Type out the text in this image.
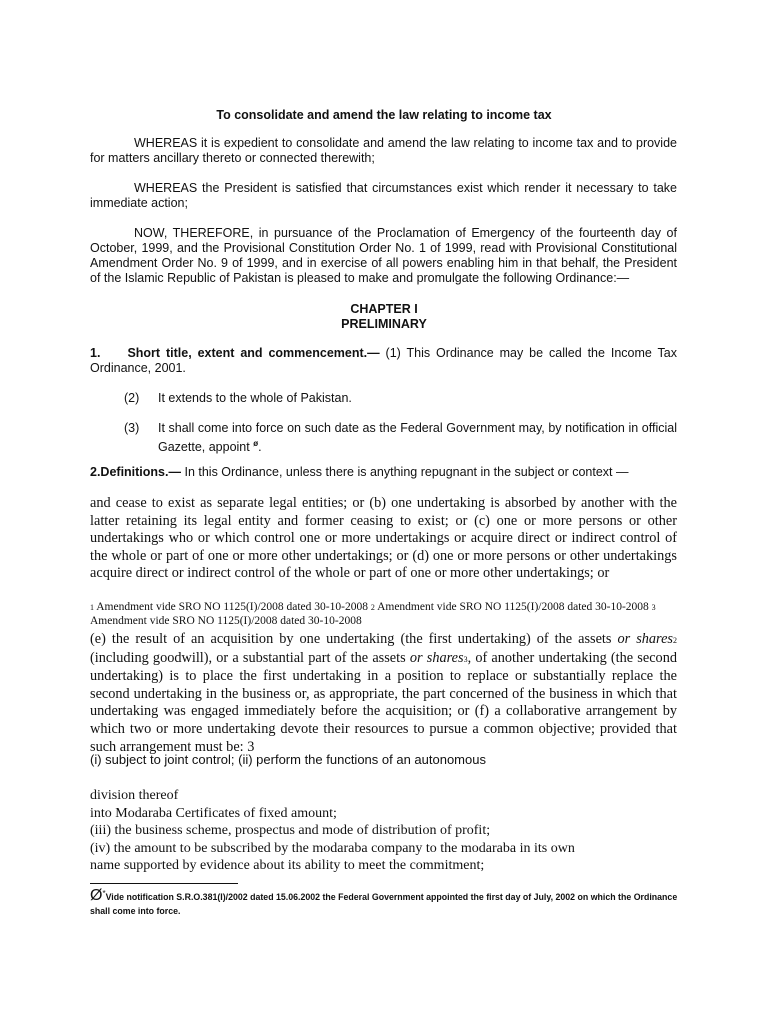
To consolidate and amend the law relating to income tax
WHEREAS it is expedient to consolidate and amend the law relating to income tax and to provide for matters ancillary thereto or connected therewith;
WHEREAS the President is satisfied that circumstances exist which render it necessary to take immediate action;
NOW, THEREFORE, in pursuance of the Proclamation of Emergency of the fourteenth day of October, 1999, and the Provisional Constitution Order No. 1 of 1999, read with Provisional Constitutional Amendment Order No. 9 of 1999, and in exercise of all powers enabling him in that behalf, the President of the Islamic Republic of Pakistan is pleased to make and promulgate the following Ordinance:—
CHAPTER I
PRELIMINARY
1. Short title, extent and commencement.— (1) This Ordinance may be called the Income Tax Ordinance, 2001.
(2) It extends to the whole of Pakistan.
(3) It shall come into force on such date as the Federal Government may, by notification in official Gazette, appoint $^ø$.
2.Definitions.— In this Ordinance, unless there is anything repugnant in the subject or context —
and cease to exist as separate legal entities; or (b) one undertaking is absorbed by another with the latter retaining its legal entity and former ceasing to exist; or (c) one or more persons or other undertakings who or which control one or more undertakings or acquire direct or indirect control of the whole or part of one or more other undertakings; or (d) one or more persons or other undertakings acquire direct or indirect control of the whole or part of one or more other undertakings; or
1 Amendment vide SRO NO 1125(I)/2008 dated 30-10-2008 2 Amendment vide SRO NO 1125(I)/2008 dated 30-10-2008 3 Amendment vide SRO NO 1125(I)/2008 dated 30-10-2008
(e) the result of an acquisition by one undertaking (the first undertaking) of the assets or shares2 (including goodwill), or a substantial part of the assets or shares3, of another undertaking (the second undertaking) is to place the first undertaking in a position to replace or substantially replace the second undertaking in the business or, as appropriate, the part concerned of the business in which that undertaking was engaged immediately before the acquisition; or (f) a collaborative arrangement by which two or more undertaking devote their resources to pursue a common objective; provided that such arrangement must be: 3
(i) subject to joint control; (ii) perform the functions of an autonomous
division thereof
into Modaraba Certificates of fixed amount;
(iii) the business scheme, prospectus and mode of distribution of profit;
(iv) the amount to be subscribed by the modaraba company to the modaraba in its own
name supported by evidence about its ability to meet the commitment;
Ø*Vide notification S.R.O.381(I)/2002 dated 15.06.2002 the Federal Government appointed the first day of July, 2002 on which the Ordinance shall come into force.
